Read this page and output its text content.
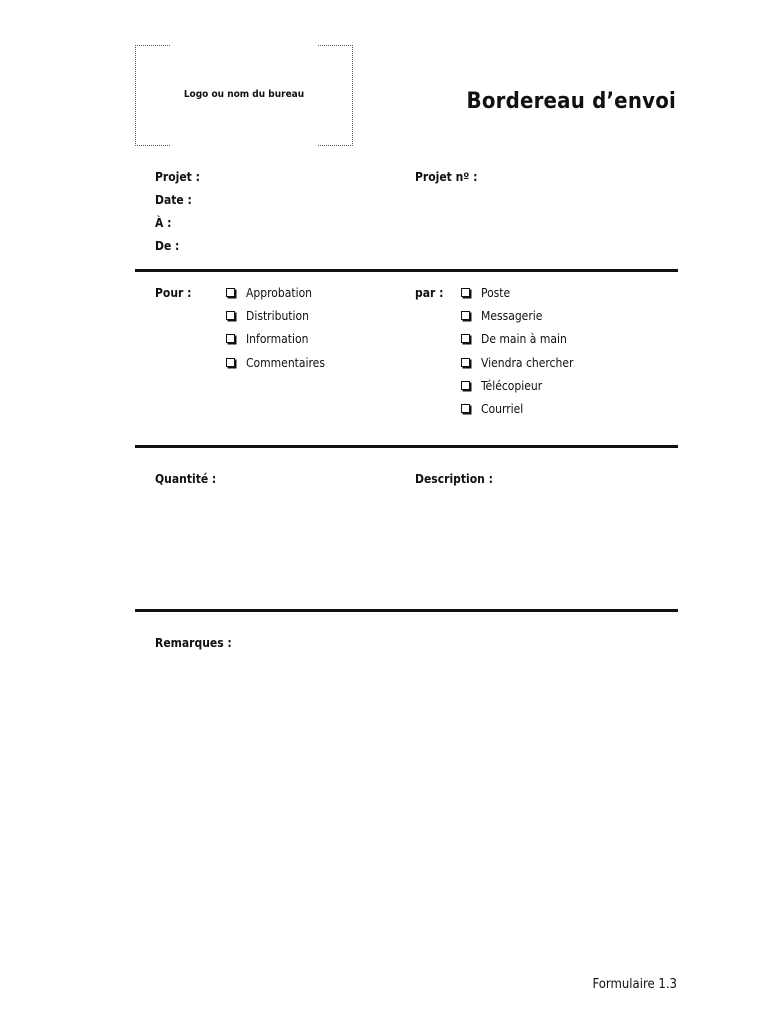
Logo ou nom du bureau	Bordereau d’envoi
Projet :	Projet nº :
Date :
À :
De :
Pour :	Approbation
Distribution
Information
Commentaires
par :	Poste
Messagerie
De main à main
Viendra chercher
Télécopieur
Courriel
Quantité :	Description :
Remarques :
Formulaire 1.3
